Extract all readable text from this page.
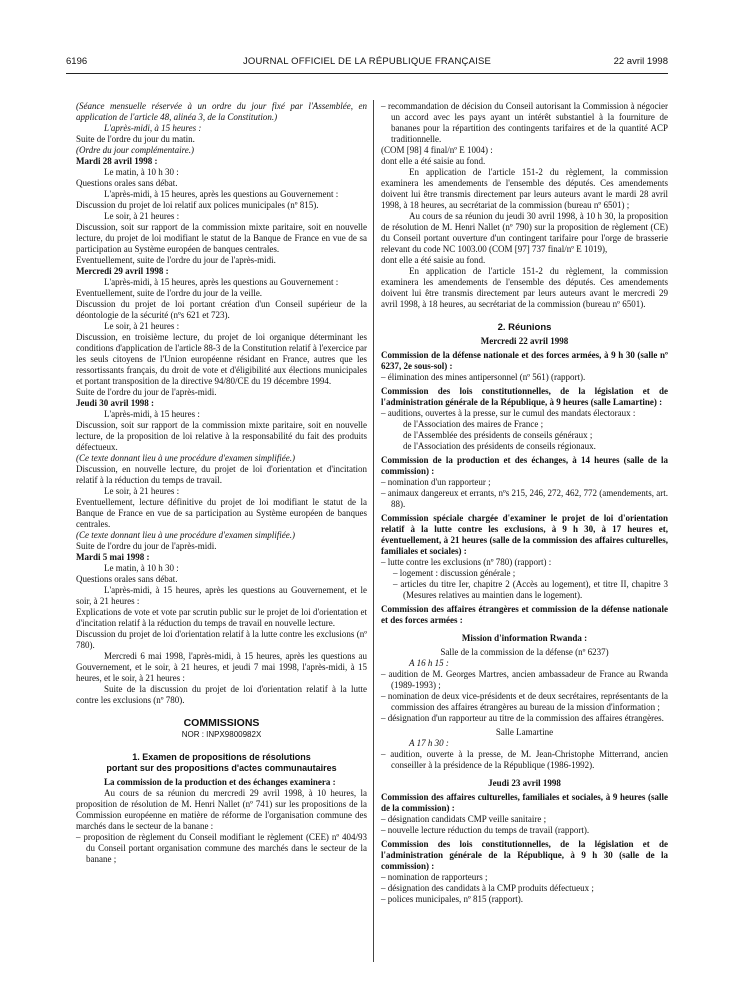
6196	JOURNAL OFFICIEL DE LA RÉPUBLIQUE FRANÇAISE	22 avril 1998

(Séance mensuelle réservée à un ordre du jour fixé par l'Assemblée, en application de l'article 48, alinéa 3, de la Constitution.)

L'après-midi, à 15 heures :

Suite de l'ordre du jour du matin.

(Ordre du jour complémentaire.)

Mardi 28 avril 1998 :

Le matin, à 10 h 30 :

Questions orales sans débat.

L'après-midi, à 15 heures, après les questions au Gouvernement :

Discussion du projet de loi relatif aux polices municipales (nº 815).

Le soir, à 21 heures :

Discussion, soit sur rapport de la commission mixte paritaire, soit en nouvelle lecture, du projet de loi modifiant le statut de la Banque de France en vue de sa participation au Système européen de banques centrales.

Eventuellement, suite de l'ordre du jour de l'après-midi.

Mercredi 29 avril 1998 :

L'après-midi, à 15 heures, après les questions au Gouvernement :

Eventuellement, suite de l'ordre du jour de la veille.

Discussion du projet de loi portant création d'un Conseil supérieur de la déontologie de la sécurité (nºs 621 et 723).

Le soir, à 21 heures :

Discussion, en troisième lecture, du projet de loi organique déterminant les conditions d'application de l'article 88-3 de la Constitution relatif à l'exercice par les seuls citoyens de l'Union européenne résidant en France, autres que les ressortissants français, du droit de vote et d'éligibilité aux élections municipales et portant transposition de la directive 94/80/CE du 19 décembre 1994.

Suite de l'ordre du jour de l'après-midi.

Jeudi 30 avril 1998 :

L'après-midi, à 15 heures :

Discussion, soit sur rapport de la commission mixte paritaire, soit en nouvelle lecture, de la proposition de loi relative à la responsabilité du fait des produits défectueux.

(Ce texte donnant lieu à une procédure d'examen simplifiée.)

Discussion, en nouvelle lecture, du projet de loi d'orientation et d'incitation relatif à la réduction du temps de travail.

Le soir, à 21 heures :

Eventuellement, lecture définitive du projet de loi modifiant le statut de la Banque de France en vue de sa participation au Système européen de banques centrales.

(Ce texte donnant lieu à une procédure d'examen simplifiée.)

Suite de l'ordre du jour de l'après-midi.

Mardi 5 mai 1998 :

Le matin, à 10 h 30 :

Questions orales sans débat.

L'après-midi, à 15 heures, après les questions au Gouvernement, et le soir, à 21 heures :

Explications de vote et vote par scrutin public sur le projet de loi d'orientation et d'incitation relatif à la réduction du temps de travail en nouvelle lecture.

Discussion du projet de loi d'orientation relatif à la lutte contre les exclusions (nº 780).

Mercredi 6 mai 1998, l'après-midi, à 15 heures, après les questions au Gouvernement, et le soir, à 21 heures, et jeudi 7 mai 1998, l'après-midi, à 15 heures, et le soir, à 21 heures :

Suite de la discussion du projet de loi d'orientation relatif à la lutte contre les exclusions (nº 780).

COMMISSIONS

NOR : INPX9800982X

1. Examen de propositions de résolutions

portant sur des propositions d'actes communautaires

La commission de la production et des échanges examinera :

Au cours de sa réunion du mercredi 29 avril 1998, à 10 heures, la proposition de résolution de M. Henri Nallet (nº 741) sur les propositions de la Commission européenne en matière de réforme de l'organisation commune des marchés dans le secteur de la banane :

– proposition de règlement du Conseil modifiant le règlement (CEE) nº 404/93 du Conseil portant organisation commune des marchés dans le secteur de la banane ;

– recommandation de décision du Conseil autorisant la Commission à négocier un accord avec les pays ayant un intérêt substantiel à la fourniture de bananes pour la répartition des contingents tarifaires et de la quantité ACP traditionnelle.

(COM [98] 4 final/nº E 1004) :

dont elle a été saisie au fond.

En application de l'article 151-2 du règlement, la commission examinera les amendements de l'ensemble des députés. Ces amendements doivent lui être transmis directement par leurs auteurs avant le mardi 28 avril 1998, à 18 heures, au secrétariat de la commission (bureau nº 6501) ;

Au cours de sa réunion du jeudi 30 avril 1998, à 10 h 30, la proposition de résolution de M. Henri Nallet (nº 790) sur la proposition de règlement (CE) du Conseil portant ouverture d'un contingent tarifaire pour l'orge de brasserie relevant du code NC 1003.00 (COM [97] 737 final/nº E 1019),

dont elle a été saisie au fond.

En application de l'article 151-2 du règlement, la commission examinera les amendements de l'ensemble des députés. Ces amendements doivent lui être transmis directement par leurs auteurs avant le mercredi 29 avril 1998, à 18 heures, au secrétariat de la commission (bureau nº 6501).

2. Réunions

Mercredi 22 avril 1998

Commission de la défense nationale et des forces armées, à 9 h 30 (salle nº 6237, 2e sous-sol) :

– élimination des mines antipersonnel (nº 561) (rapport).

Commission des lois constitutionnelles, de la législation et de l'administration générale de la République, à 9 heures (salle Lamartine) :

– auditions, ouvertes à la presse, sur le cumul des mandats électoraux :

de l'Association des maires de France ;

de l'Assemblée des présidents de conseils généraux ;

de l'Association des présidents de conseils régionaux.

Commission de la production et des échanges, à 14 heures (salle de la commission) :

– nomination d'un rapporteur ;

– animaux dangereux et errants, nºs 215, 246, 272, 462, 772 (amendements, art. 88).

Commission spéciale chargée d'examiner le projet de loi d'orientation relatif à la lutte contre les exclusions, à 9 h 30, à 17 heures et, éventuellement, à 21 heures (salle de la commission des affaires culturelles, familiales et sociales) :

– lutte contre les exclusions (nº 780) (rapport) :

– logement : discussion générale ;

– articles du titre Ier, chapitre 2 (Accès au logement), et titre II, chapitre 3 (Mesures relatives au maintien dans le logement).

Commission des affaires étrangères et commission de la défense nationale et des forces armées :

Mission d'information Rwanda :

Salle de la commission de la défense (nº 6237)

A 16 h 15 :

– audition de M. Georges Martres, ancien ambassadeur de France au Rwanda (1989-1993) ;

– nomination de deux vice-présidents et de deux secrétaires, représentants de la commission des affaires étrangères au bureau de la mission d'information ;

– désignation d'un rapporteur au titre de la commission des affaires étrangères.

Salle Lamartine

A 17 h 30 :

– audition, ouverte à la presse, de M. Jean-Christophe Mitterrand, ancien conseiller à la présidence de la République (1986-1992).

Jeudi 23 avril 1998

Commission des affaires culturelles, familiales et sociales, à 9 heures (salle de la commission) :

– désignation candidats CMP veille sanitaire ;

– nouvelle lecture réduction du temps de travail (rapport).

Commission des lois constitutionnelles, de la législation et de l'administration générale de la République, à 9 h 30 (salle de la commission) :

– nomination de rapporteurs ;

– désignation des candidats à la CMP produits défectueux ;

– polices municipales, nº 815 (rapport).
